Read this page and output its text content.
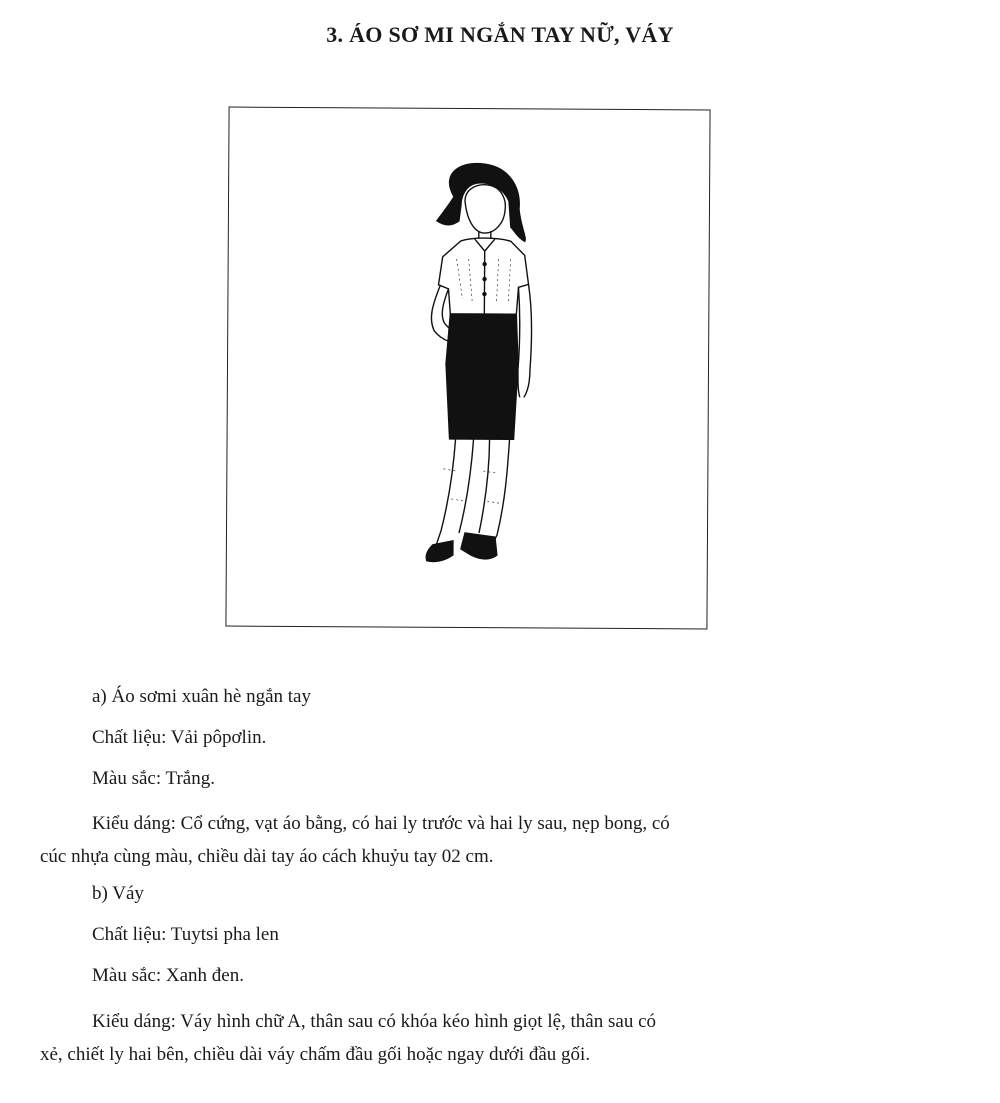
3. ÁO SƠ MI NGẮN TAY NỮ, VÁY
a) Áo sơmi xuân hè ngắn tay
Chất liệu: Vải pôpơlin.
Màu sắc: Trắng.
Kiểu dáng: Cổ cứng, vạt áo bằng, có hai ly trước và hai ly sau, nẹp bong, có
cúc nhựa cùng màu, chiều dài tay áo cách khuỷu tay 02 cm.
b) Váy
Chất liệu: Tuytsi pha len
Màu sắc: Xanh đen.
Kiểu dáng: Váy hình chữ A, thân sau có khóa kéo hình giọt lệ, thân sau có
xẻ, chiết ly hai bên, chiều dài váy chấm đầu gối hoặc ngay dưới đầu gối.
